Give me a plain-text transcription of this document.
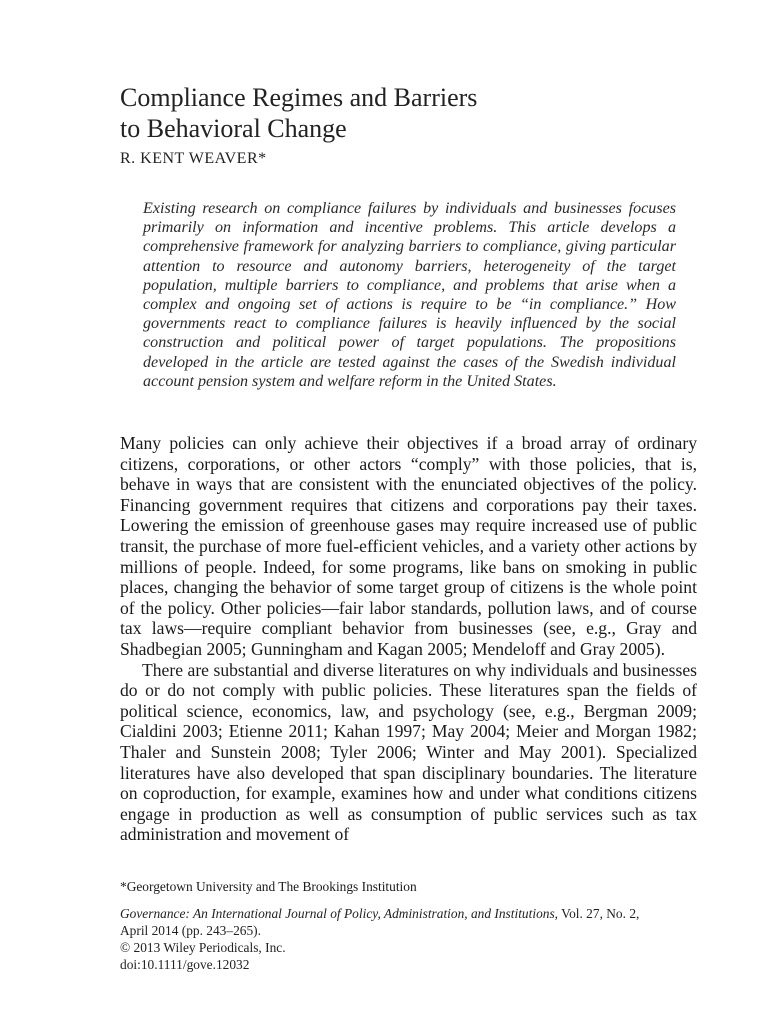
Compliance Regimes and Barriers
to Behavioral Change
R. KENT WEAVER*
Existing research on compliance failures by individuals and businesses focuses primarily on information and incentive problems. This article develops a comprehensive framework for analyzing barriers to compliance, giving particular attention to resource and autonomy barriers, heterogeneity of the target population, multiple barriers to compliance, and problems that arise when a complex and ongoing set of actions is require to be “in compliance.” How governments react to compliance failures is heavily influenced by the social construction and political power of target populations. The propositions developed in the article are tested against the cases of the Swedish individual account pension system and welfare reform in the United States.

Many policies can only achieve their objectives if a broad array of ordinary citizens, corporations, or other actors “comply” with those policies, that is, behave in ways that are consistent with the enunciated objectives of the policy. Financing government requires that citizens and corporations pay their taxes. Lowering the emission of greenhouse gases may require increased use of public transit, the purchase of more fuel-efficient vehicles, and a variety other actions by millions of people. Indeed, for some programs, like bans on smoking in public places, changing the behavior of some target group of citizens is the whole point of the policy. Other policies—fair labor standards, pollution laws, and of course tax laws—require compliant behavior from businesses (see, e.g., Gray and Shadbegian 2005; Gunningham and Kagan 2005; Mendeloff and Gray 2005).

There are substantial and diverse literatures on why individuals and businesses do or do not comply with public policies. These literatures span the fields of political science, economics, law, and psychology (see, e.g., Bergman 2009; Cialdini 2003; Etienne 2011; Kahan 1997; May 2004; Meier and Morgan 1982; Thaler and Sunstein 2008; Tyler 2006; Winter and May 2001). Specialized literatures have also developed that span disciplinary boundaries. The literature on coproduction, for example, examines how and under what conditions citizens engage in production as well as consumption of public services such as tax administration and movement of

*Georgetown University and The Brookings Institution
Governance: An International Journal of Policy, Administration, and Institutions, Vol. 27, No. 2,
April 2014 (pp. 243–265).
© 2013 Wiley Periodicals, Inc.
doi:10.1111/gove.12032
